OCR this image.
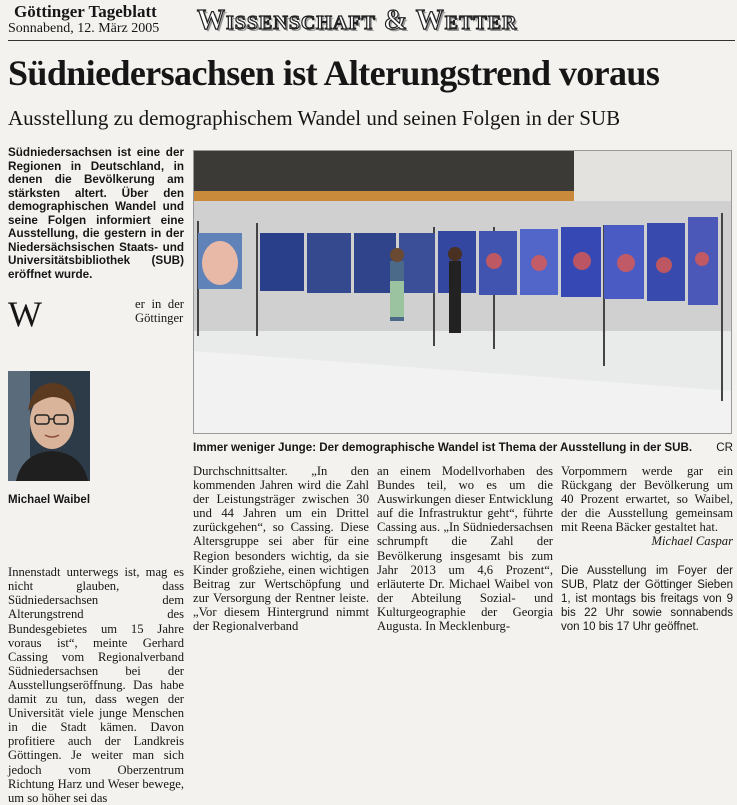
Göttinger Tageblatt
Sonnabend, 12. März 2005 Wissenschaft & Wetter
Südniedersachsen ist Alterungstrend voraus
Ausstellung zu demographischem Wandel und seinen Folgen in der SUB
Südniedersachsen ist eine der Regionen in Deutschland, in denen die Bevölkerung am stärksten altert. Über den demographischen Wandel und seine Folgen informiert eine Ausstellung, die gestern in der Niedersächsischen Staats- und Universitätsbibliothek (SUB) eröffnet wurde.
W	er in der Göttinger Innenstadt unterwegs ist, mag es nicht glauben, dass Südniedersachsen dem Alterungstrend des Bundesgebietes um 15 Jahre voraus ist“, meinte Gerhard Cassing vom Regionalverband Südniedersachsen bei der Ausstellungseröffnung. Das habe damit zu tun, dass wegen der Universität viele junge Menschen in die Stadt kämen. Davon profitiere auch der Landkreis Göttingen. Je weiter man sich jedoch vom Oberzentrum Richtung Harz und Weser bewege, um so höher sei das
Michael Waibel
Immer weniger Junge: Der demographische Wandel ist Thema der Ausstellung in der SUB. CR
Durchschnittsalter. „In den kommenden Jahren wird die Zahl der Leistungsträger zwischen 30 und 44 Jahren um ein Drittel zurückgehen“, so Cassing. Diese Altersgruppe sei aber für eine Region besonders wichtig, da sie Kinder großziehe, einen wichtigen Beitrag zur Wertschöpfung und zur Versorgung der Rentner leiste. „Vor diesem Hintergrund nimmt der Regionalverband
an einem Modellvorhaben des Bundes teil, wo es um die Auswirkungen dieser Entwicklung auf die Infrastruktur geht“, führte Cassing aus. „In Südniedersachsen schrumpft die Zahl der Bevölkerung insgesamt bis zum Jahr 2013 um 4,6 Prozent“, erläuterte Dr. Michael Waibel von der Abteilung Sozial- und Kulturgeographie der Georgia Augusta. In Mecklenburg-
Vorpommern werde gar ein Rückgang der Bevölkerung um 40 Prozent erwartet, so Waibel, der die Ausstellung gemeinsam mit Reena Bäcker gestaltet hat.
Michael Caspar
Die Ausstellung im Foyer der SUB, Platz der Göttinger Sieben 1, ist montags bis freitags von 9 bis 22 Uhr sowie sonnabends von 10 bis 17 Uhr geöffnet.
